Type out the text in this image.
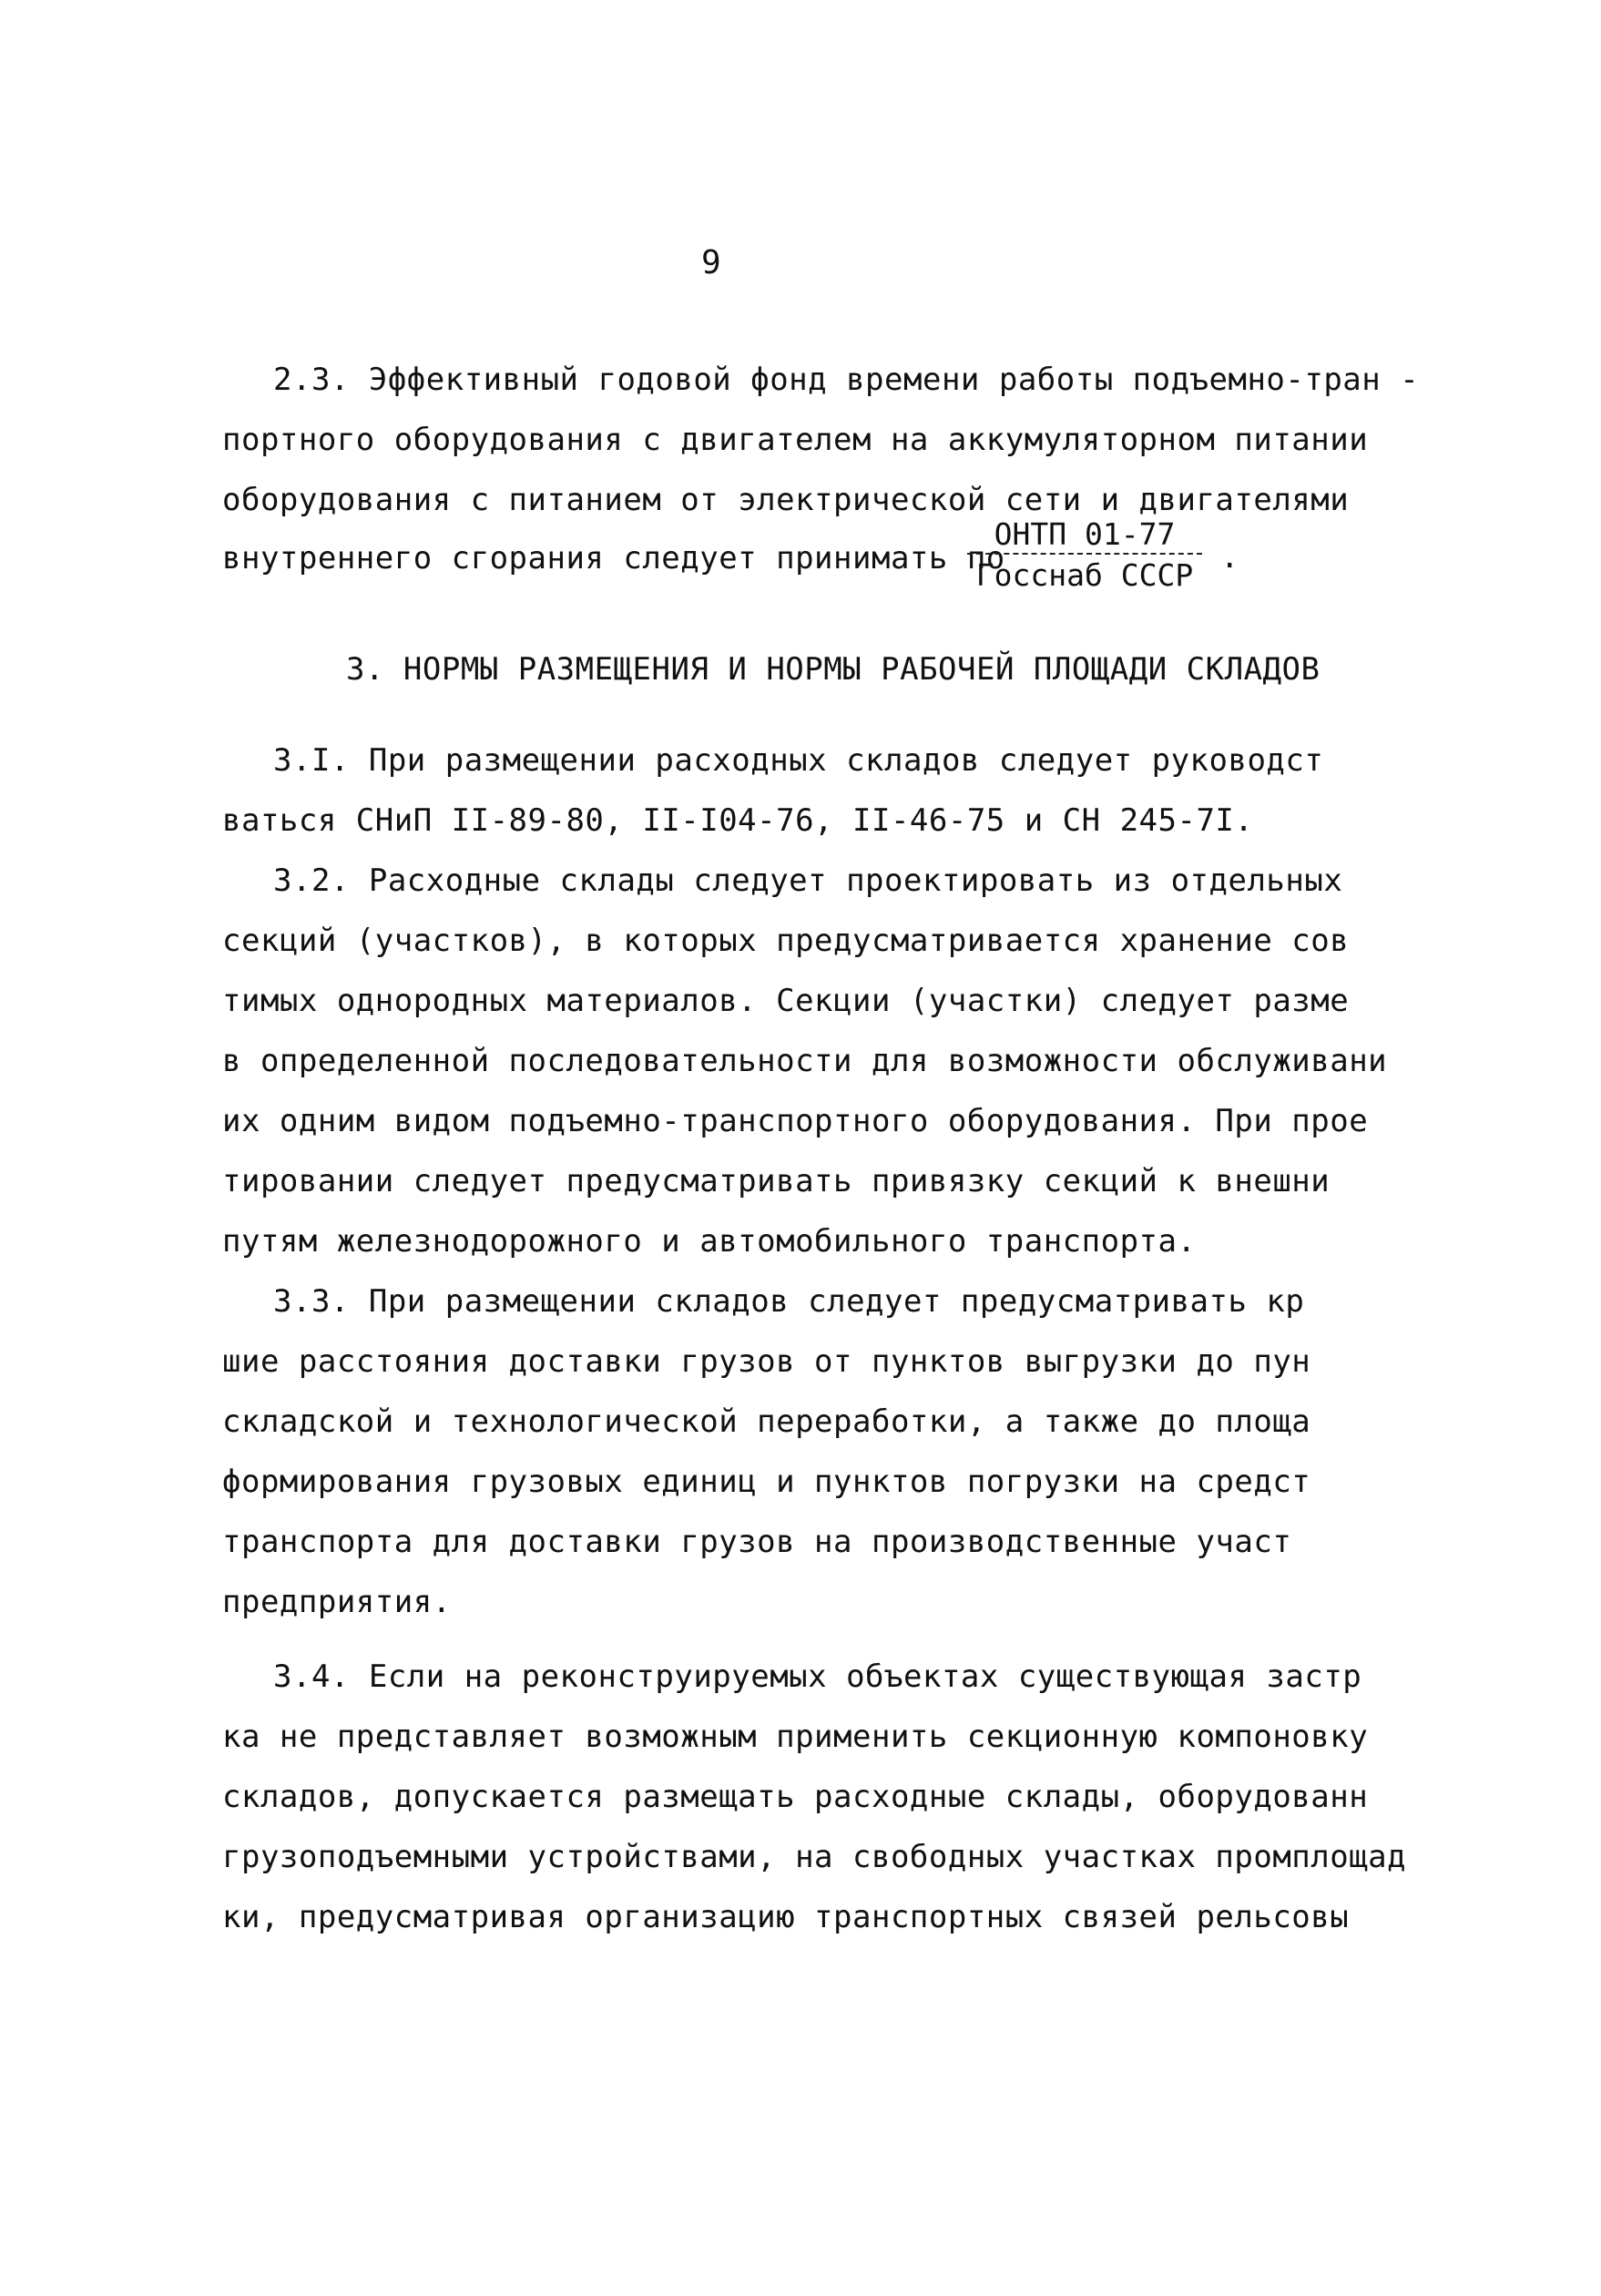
9
2.3. Эффективный годовой фонд времени работы подъемно-тран -
портного оборудования с двигателем на аккумуляторном питании
оборудования с питанием от электрической сети и двигателями
внутреннего сгорания следует принимать по
ОНТП 01-77
Госснаб СССР .
3. НОРМЫ РАЗМЕЩЕНИЯ И НОРМЫ РАБОЧЕЙ ПЛОЩАДИ СКЛАДОВ
3.I. При размещении расходных складов следует руководст
ваться СНиП II-89-80, II-I04-76, II-46-75 и СН 245-7I.
3.2. Расходные склады следует проектировать из отдельных
секций (участков), в которых предусматривается хранение сов
тимых однородных материалов. Секции (участки) следует разме
в определенной последовательности для возможности обслуживани
их одним видом подъемно-транспортного оборудования. При прое
тировании следует предусматривать привязку секций к внешни
путям железнодорожного и автомобильного транспорта.
3.3. При размещении складов следует предусматривать кр
шие расстояния доставки грузов от пунктов выгрузки до пун
складской и технологической переработки, а также до площа
формирования грузовых единиц и пунктов погрузки на средст
транспорта для доставки грузов на производственные участ
предприятия.
3.4. Если на реконструируемых объектах существующая застр
ка не представляет возможным применить секционную компоновку
складов, допускается размещать расходные склады, оборудованн
грузоподъемными устройствами, на свободных участках промплощад
ки, предусматривая организацию транспортных связей рельсовы
